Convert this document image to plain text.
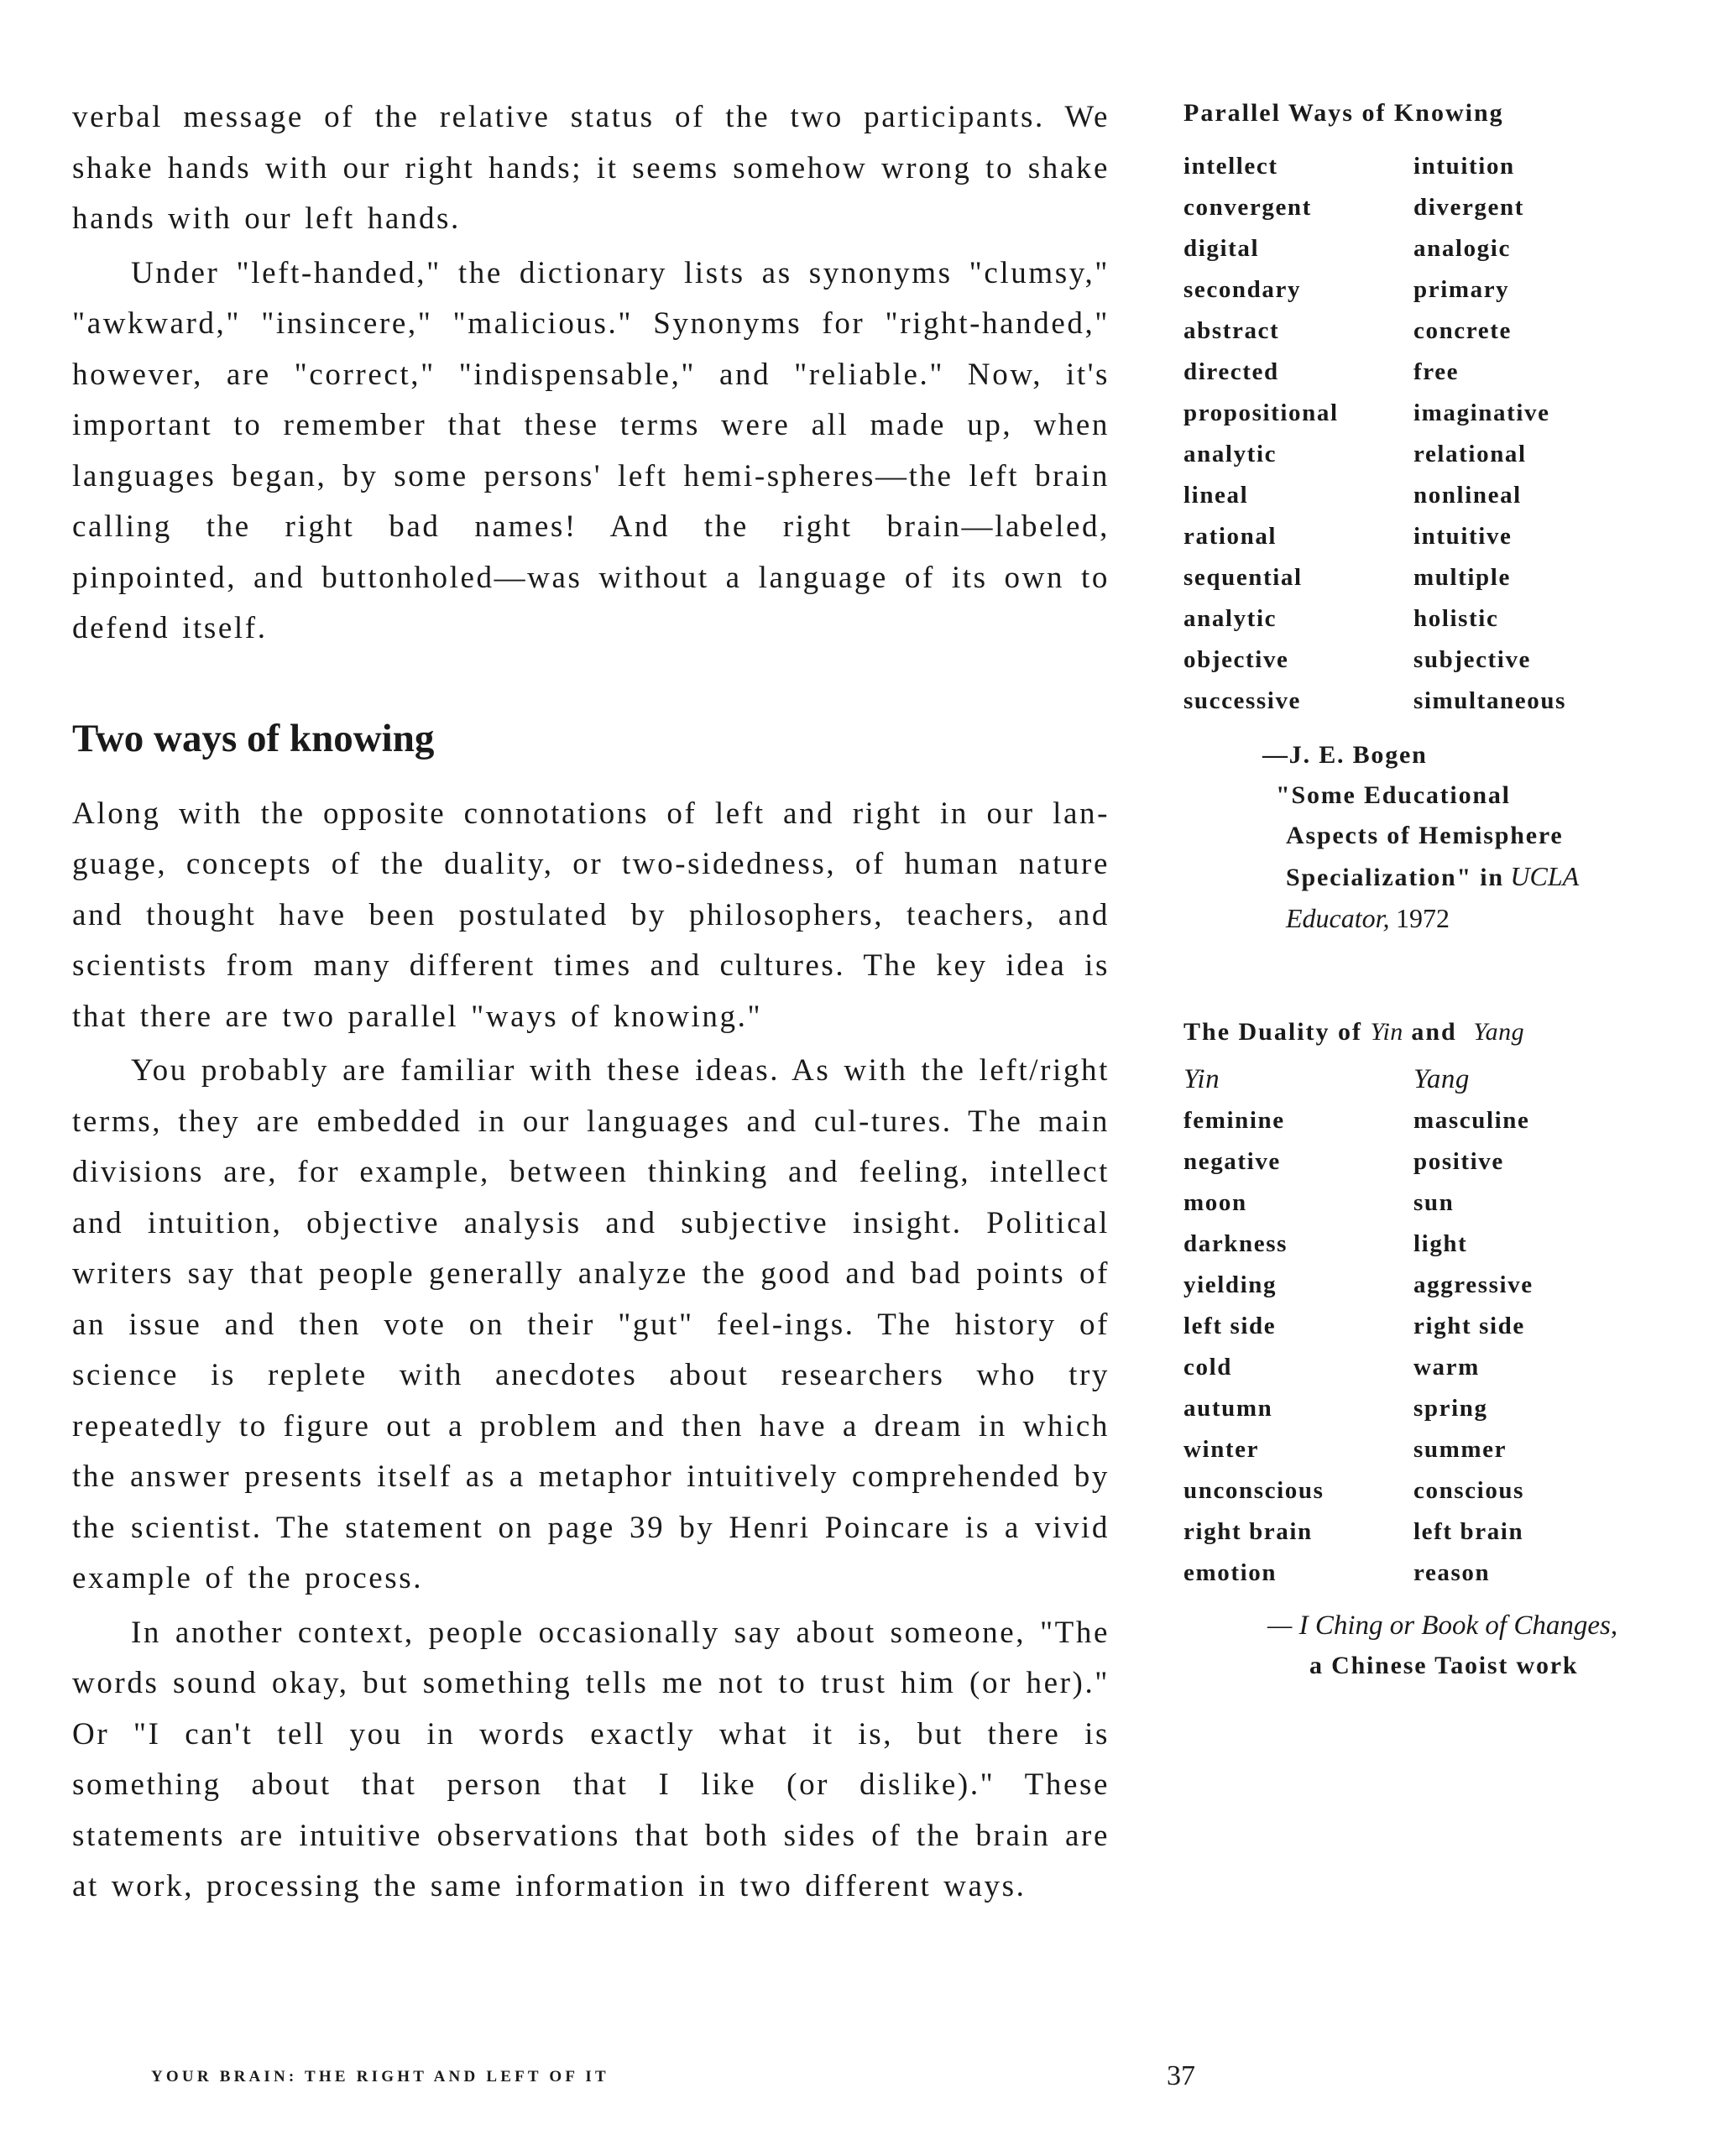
verbal message of the relative status of the two participants. We shake hands with our right hands; it seems somehow wrong to shake hands with our left hands.

Under "left-handed," the dictionary lists as synonyms "clumsy," "awkward," "insincere," "malicious." Synonyms for "right-handed," however, are "correct," "indispensable," and "reliable." Now, it's important to remember that these terms were all made up, when languages began, by some persons' left hemi-spheres—the left brain calling the right bad names! And the right brain—labeled, pinpointed, and buttonholed—was without a language of its own to defend itself.

Two ways of knowing

Along with the opposite connotations of left and right in our lan-guage, concepts of the duality, or two-sidedness, of human nature and thought have been postulated by philosophers, teachers, and scientists from many different times and cultures. The key idea is that there are two parallel "ways of knowing."

You probably are familiar with these ideas. As with the left/right terms, they are embedded in our languages and cul-tures. The main divisions are, for example, between thinking and feeling, intellect and intuition, objective analysis and subjective insight. Political writers say that people generally analyze the good and bad points of an issue and then vote on their "gut" feel-ings. The history of science is replete with anecdotes about researchers who try repeatedly to figure out a problem and then have a dream in which the answer presents itself as a metaphor intuitively comprehended by the scientist. The statement on page 39 by Henri Poincare is a vivid example of the process.

In another context, people occasionally say about someone, "The words sound okay, but something tells me not to trust him (or her)." Or "I can't tell you in words exactly what it is, but there is something about that person that I like (or dislike)." These statements are intuitive observations that both sides of the brain are at work, processing the same information in two different ways.

Parallel Ways of Knowing

intellect	intuition
convergent	divergent
digital	analogic
secondary	primary
abstract	concrete
directed	free
propositional	imaginative
analytic	relational
lineal	nonlineal
rational	intuitive
sequential	multiple
analytic	holistic
objective	subjective
successive	simultaneous
—J. E. Bogen
"Some Educational
Aspects of Hemisphere
Specialization" in UCLA
Educator, 1972

The Duality of Yin and Yang

Yin	Yang
feminine	masculine
negative	positive
moon	sun
darkness	light
yielding	aggressive
left side	right side
cold	warm
autumn	spring
winter	summer
unconscious	conscious
right brain	left brain
emotion	reason
— I Ching or Book of Changes,
a Chinese Taoist work
YOUR BRAIN: THE RIGHT AND LEFT OF IT	37
